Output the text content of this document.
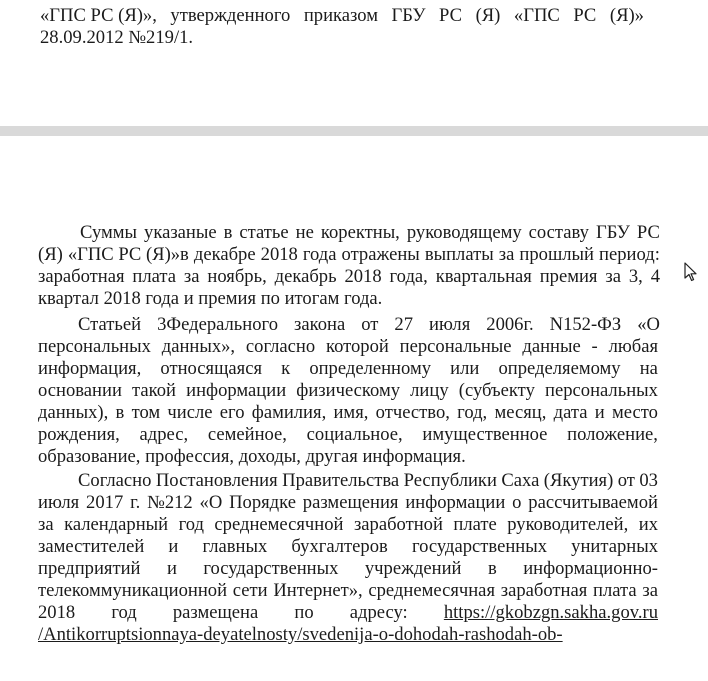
«ГПС РС (Я)», утвержденного приказом ГБУ РС (Я) «ГПС РС (Я)»
28.09.2012 №219/1.
Суммы указаные в статье не коректны, руководящему составу ГБУ РС
(Я) «ГПС РС (Я)»в декабре 2018 года отражены выплаты за прошлый период:
заработная плата за ноябрь, декабрь 2018 года, квартальная премия за 3, 4
квартал 2018 года и премия по итогам года.
Статьей 3Федерального закона от 27 июля 2006г. N152-ФЗ «О
персональных данных», согласно которой персональные данные - любая
информация, относящаяся к определенному или определяемому на
основании такой информации физическому лицу (субъекту персональных
данных), в том числе его фамилия, имя, отчество, год, месяц, дата и место
рождения, адрес, семейное, социальное, имущественное положение,
образование, профессия, доходы, другая информация.
Согласно Постановления Правительства Республики Саха (Якутия) от 03
июля 2017 г. №212 «О Порядке размещения информации о рассчитываемой
за календарный год среднемесячной заработной плате руководителей, их
заместителей и главных бухгалтеров государственных унитарных
предприятий и государственных учреждений в информационно-
телекоммуникационной сети Интернет», среднемесячная заработная плата за
2018 год размещена по адресу: https://gkobzgn.sakha.gov.ru
/Antikorruptsionnaya-deyatelnosty/svedenija-o-dohodah-rashodah-ob-
